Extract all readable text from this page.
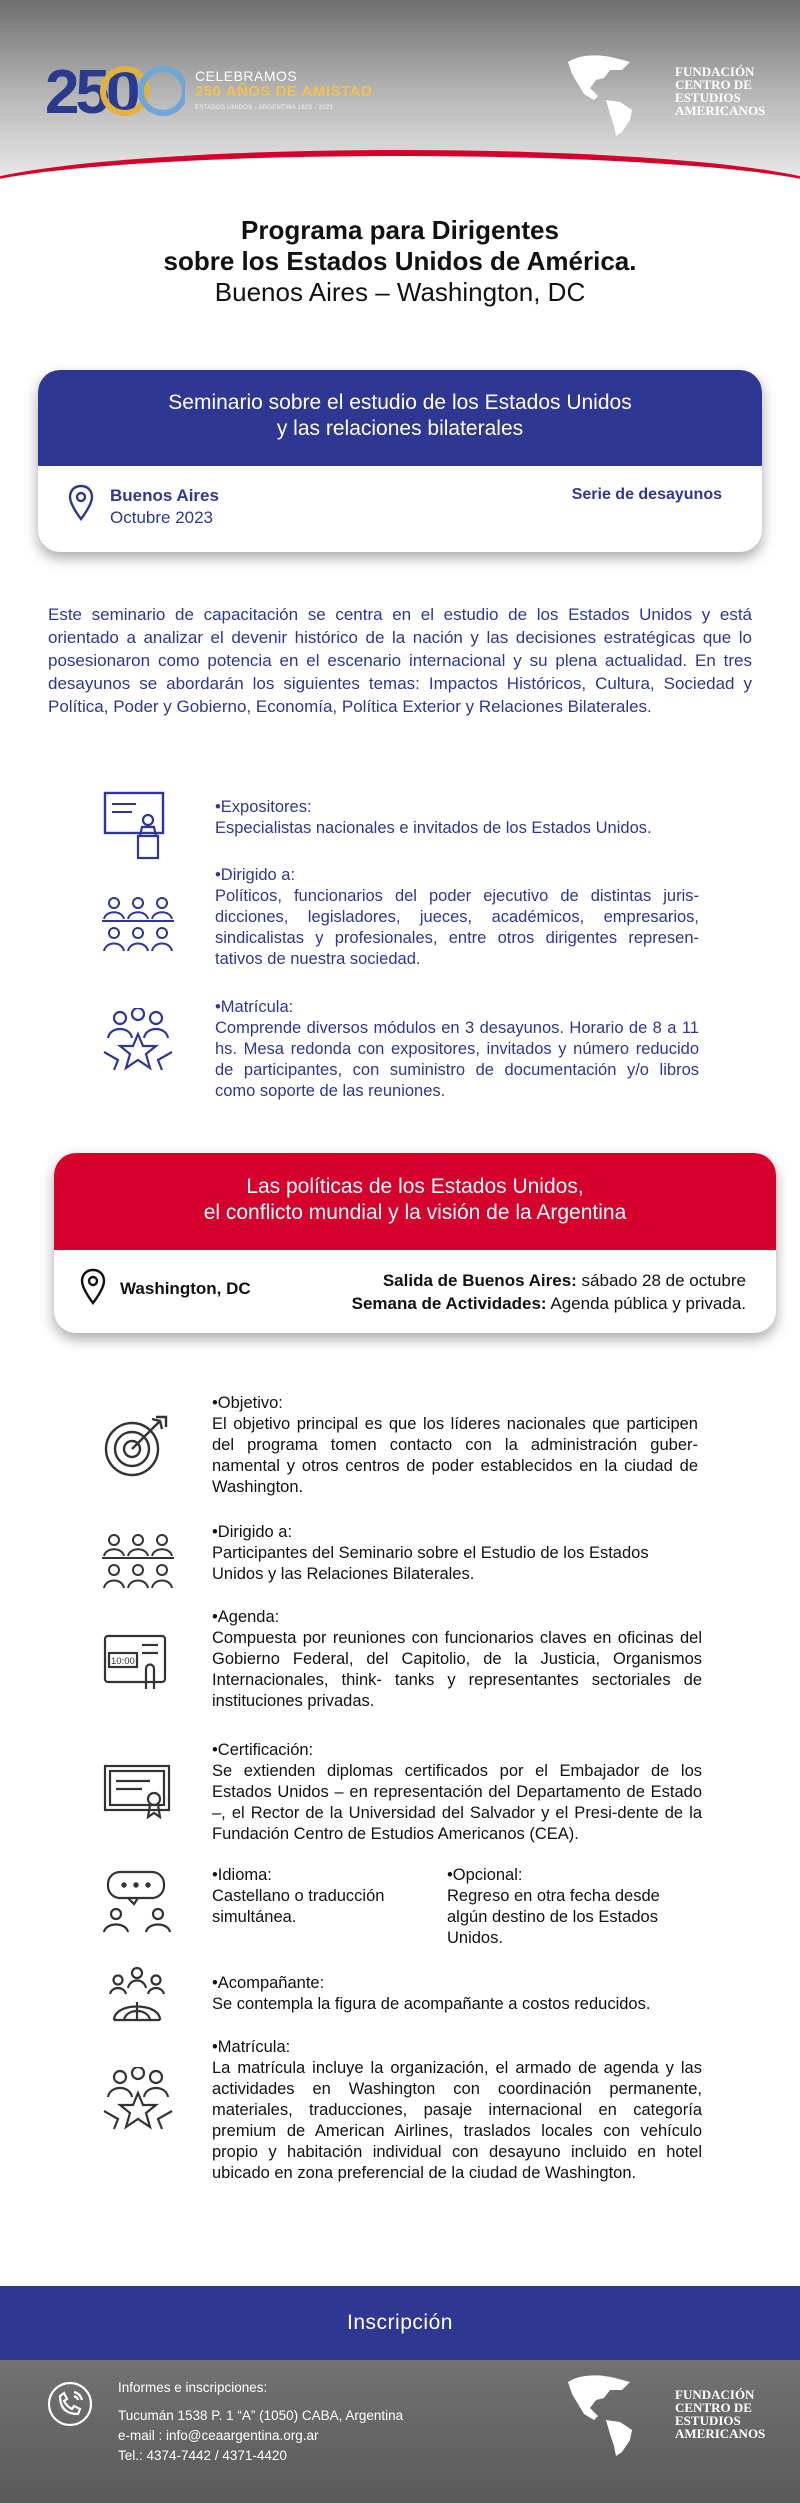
250	CELEBRAMOS
250 AÑOS DE AMISTAD
ESTADOS UNIDOS · ARGENTINA 1823 - 2023
FUNDACIÓN
CENTRO DE
ESTUDIOS
AMERICANOS
Programa para Dirigentes
sobre los Estados Unidos de América.
Buenos Aires – Washington, DC
Seminario sobre el estudio de los Estados Unidos
y las relaciones bilaterales
Buenos Aires
Octubre 2023
Serie de desayunos
Este seminario de capacitación se centra en el estudio de los Estados Unidos y está orientado a analizar el devenir histórico de la nación y las decisiones estratégicas que lo posesionaron como potencia en el escenario internacional y su plena actualidad. En tres desayunos se abordarán los siguientes temas: Impactos Históricos, Cultura, Sociedad y Política, Poder y Gobierno, Economía, Política Exterior y Relaciones Bilaterales.
•Expositores:
Especialistas nacionales e invitados de los Estados Unidos.
•Dirigido a:
Políticos, funcionarios del poder ejecutivo de distintas juris-dicciones, legisladores, jueces, académicos, empresarios, sindicalistas y profesionales, entre otros dirigentes represen-tativos de nuestra sociedad.
•Matrícula:
Comprende diversos módulos en 3 desayunos. Horario de 8 a 11 hs. Mesa redonda con expositores, invitados y número reducido de participantes, con suministro de documentación y/o libros como soporte de las reuniones.
Las políticas de los Estados Unidos,
el conflicto mundial y la visión de la Argentina
Washington, DC	Salida de Buenos Aires: sábado 28 de octubre
Semana de Actividades: Agenda pública y privada.
•Objetivo:
El objetivo principal es que los líderes nacionales que participen del programa tomen contacto con la administración guber-namental y otros centros de poder establecidos en la ciudad de Washington.
•Dirigido a:
Participantes del Seminario sobre el Estudio de los Estados Unidos y las Relaciones Bilaterales.
10:00
•Agenda:
Compuesta por reuniones con funcionarios claves en oficinas del Gobierno Federal, del Capitolio, de la Justicia, Organismos Internacionales, think- tanks y representantes sectoriales de instituciones privadas.
•Certificación:
Se extienden diplomas certificados por el Embajador de los Estados Unidos – en representación del Departamento de Estado –, el Rector de la Universidad del Salvador y el Presi-dente de la Fundación Centro de Estudios Americanos (CEA).
•Idioma:
Castellano o traducción simultánea.
•Opcional:
Regreso en otra fecha desde algún destino de los Estados Unidos.
•Acompañante:
Se contempla la figura de acompañante a costos reducidos.
•Matrícula:
La matrícula incluye la organización, el armado de agenda y las actividades en Washington con coordinación permanente, materiales, traducciones, pasaje internacional en categoría premium de American Airlines, traslados locales con vehículo propio y habitación individual con desayuno incluido en hotel ubicado en zona preferencial de la ciudad de Washington.
Inscripción
Informes e inscripciones:
Tucumán 1538 P. 1 “A” (1050) CABA, Argentina
e-mail : info@ceaargentina.org.ar
Tel.: 4374-7442 / 4371-4420
FUNDACIÓN
CENTRO DE
ESTUDIOS
AMERICANOS
